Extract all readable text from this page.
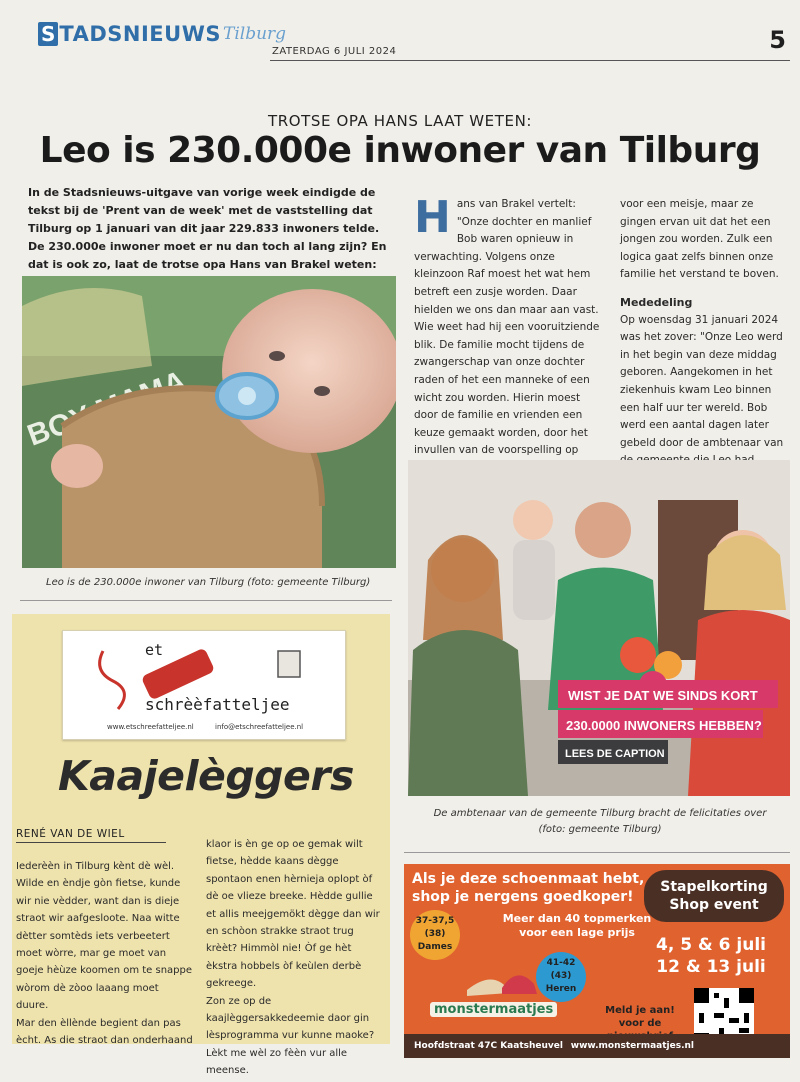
S TADSNIEUWS Tilburg
ZATERDAG 6 JULI 2024	5
TROTSE OPA HANS LAAT WETEN:
Leo is 230.000e inwoner van Tilburg
In de Stadsnieuws-uitgave van vorige week eindigde de tekst bij de 'Prent van de week' met de vaststelling dat Tilburg op 1 januari van dit jaar 229.833 inwoners telde. De 230.000e inwoner moet er nu dan toch al lang zijn? En dat is ook zo, laat de trotse opa Hans van Brakel weten:
BOY
Leo is de 230.000e inwoner van Tilburg (foto: gemeente Tilburg)
Hans van Brakel vertelt: "Onze dochter en manlief Bob waren opnieuw in verwachting. Volgens onze kleinzoon Raf moest het wat hem betreft een zusje worden. Daar hielden we ons dan maar aan vast. Wie weet had hij een vooruitziende blik. De familie mocht tijdens de zwangerschap van onze dochter raden of het een manneke of een wicht zou worden. Hierin moest door de familie en vrienden een keuze gemaakt worden, door het invullen van de voorspelling op
voor een meisje, maar ze gingen ervan uit dat het een jongen zou worden. Zulk een logica gaat zelfs binnen onze familie het verstand te boven.
Mededeling
Op woensdag 31 januari 2024 was het zover: "Onze Leo werd in het begin van deze middag geboren. Aangekomen in het ziekenhuis kwam Leo binnen een half uur ter wereld. Bob werd een aantal dagen later gebeld door de ambtenaar van
WIST JE DAT WE SINDS KORT
230.0000 INWONERS HEBBEN?
LEES DE CAPTION
De ambtenaar van de gemeente Tilburg bracht de felicitaties over (foto: gemeente Tilburg)
et
schrèèfatteljee
www.etschreefatteljee.nl	info@etschreefatteljee.nl
Kaajelèggers
RENÉ VAN DE WIEL
Iederèèn in Tilburg kènt dè wèl. Wilde en èndje gòn fietse, kunde wir nie vèdder, want dan is dieje straot wir aafgeslootе. Naa witte dètter somtèds iets verbeetert moet wòrre, mar ge moet van goeje hèùze koomen om te snappe wòrom dè zòoo laaang moet duure.
Mar den èllènde begient dan pas ècht. As die straot dan onderhaand
klaor is èn ge op oe gemak wilt fietse, hèdde kaans dègge spontaon enen hèrnieja oplopt òf dè oe vlieze breeke. Hèdde gullie et allis meejgemökt dègge dan wir en schòon strakke straot trug krèèt? Himmòl nie! Òf ge hèt èkstra hobbels òf keùlen derbè gekreege.
Zon ze op de kaajlèggersakkedeemie daor gin lèsprogramma vur kunne maoke? Lèkt me wèl zo fèèn vur alle meense.
Als je deze schoenmaat hebt,
shop je nergens goedkoper!
Meer dan 40 topmerken
voor een lage prijs
37-37,5
(38)
Dames
41-42
(43)
Heren
monstermaatjes
Stapelkorting
Shop event
4, 5 & 6 juli
12 & 13 juli
Meld je aan!
voor de
Hoofdstraat 47C Kaatsheuvel www.monstermaatjes.nl
